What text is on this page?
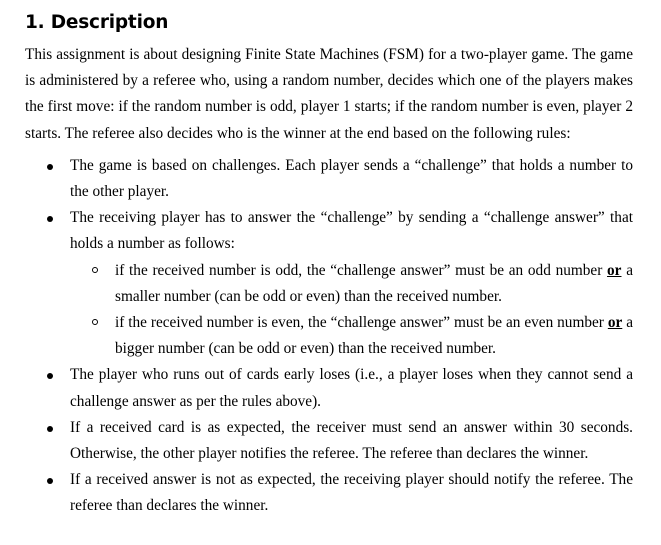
1. Description

This assignment is about designing Finite State Machines (FSM) for a two-player game. The game is administered by a referee who, using a random number, decides which one of the players makes the first move: if the random number is odd, player 1 starts; if the random number is even, player 2 starts. The referee also decides who is the winner at the end based on the following rules:

The game is based on challenges. Each player sends a “challenge” that holds a number to the other player.

The receiving player has to answer the “challenge” by sending a “challenge answer” that holds a number as follows:

if the received number is odd, the “challenge answer” must be an odd number or a smaller number (can be odd or even) than the received number.

if the received number is even, the “challenge answer” must be an even number or a bigger number (can be odd or even) than the received number.

The player who runs out of cards early loses (i.e., a player loses when they cannot send a challenge answer as per the rules above).

If a received card is as expected, the receiver must send an answer within 30 seconds. Otherwise, the other player notifies the referee. The referee than declares the winner.

If a received answer is not as expected, the receiving player should notify the referee. The referee than declares the winner.
